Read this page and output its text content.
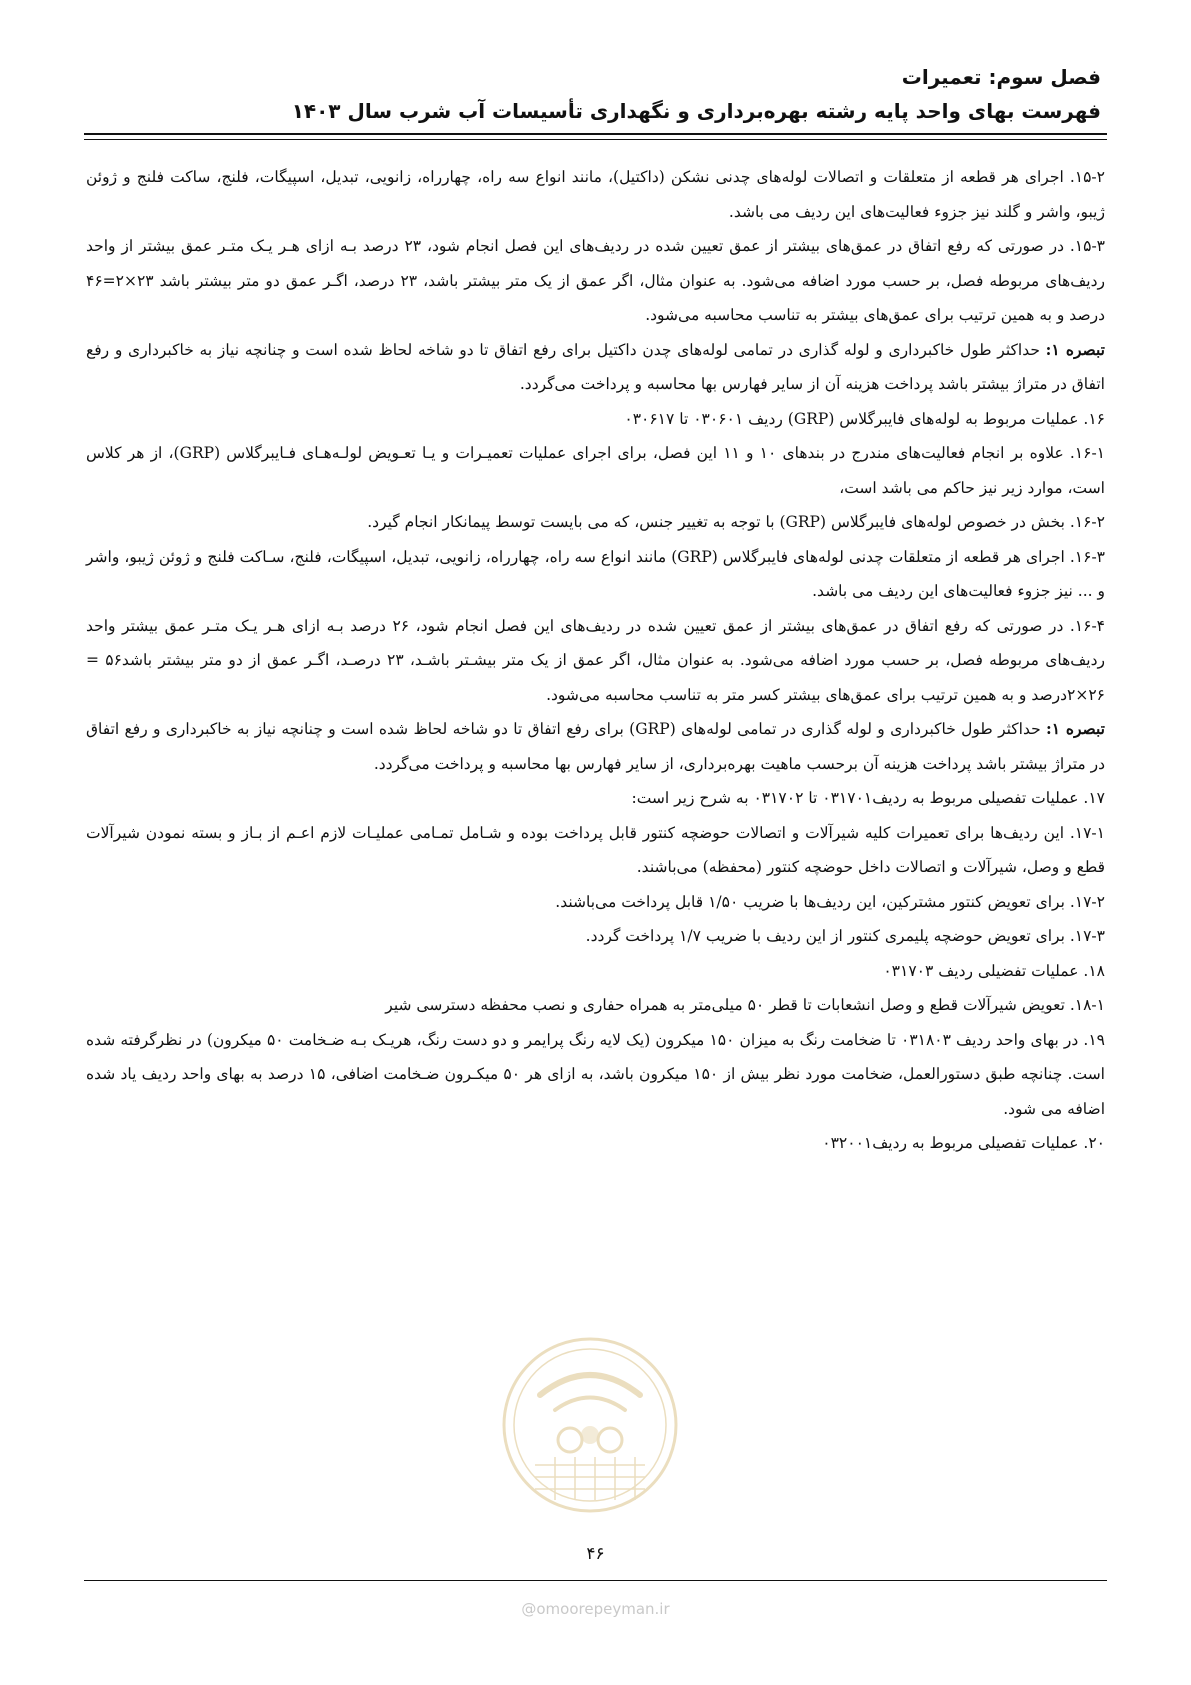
فصل سوم: تعمیرات
فهرست بهای واحد پایه رشته بهره‌برداری و نگهداری تأسیسات آب شرب سال ۱۴۰۳

۱۵-۲. اجرای هر قطعه از متعلقات و اتصالات لوله‌های چدنی نشکن (داکتیل)، مانند انواع سه راه، چهارراه، زانویی، تبدیل، اسپیگات، فلنج، ساکت فلنج و ژوئن ژیبو، واشر و گلند نیز جزوء فعالیت‌های این ردیف می باشد.

۱۵-۳. در صورتی که رفع اتفاق در عمق‌های بیشتر از عمق تعیین شده در ردیف‌های این فصل انجام شود، ۲۳ درصد بـه ازای هـر یـک متـر عمق بیشتر از واحد ردیف‌های مربوطه فصل، بر حسب مورد اضافه می‌شود. به عنوان مثال، اگر عمق از یک متر بیشتر باشد، ۲۳ درصد، اگـر عمق دو متر بیشتر باشد ۲۳×۲=۴۶ درصد و به همین ترتیب برای عمق‌های بیشتر به تناسب محاسبه می‌شود.

تبصره ۱: حداکثر طول خاکبرداری و لوله گذاری در تمامی لوله‌های چدن داکتیل برای رفع اتفاق تا دو شاخه لحاظ شده است و چنانچه نیاز به خاکبرداری و رفع اتفاق در متراژ بیشتر باشد پرداخت هزینه آن از سایر فهارس بها محاسبه و پرداخت می‌گردد.

۱۶. عملیات مربوط به لوله‌های فایبرگلاس (GRP) ردیف ۰۳۰۶۰۱ تا ۰۳۰۶۱۷

۱۶-۱. علاوه بر انجام فعالیت‌های مندرج در بندهای ۱۰ و ۱۱ این فصل، برای اجرای عملیات تعمیـرات و یـا تعـویض لولـه‌هـای فـایبرگلاس (GRP)، از هر کلاس است، موارد زیر نیز حاکم می باشد است،

۱۶-۲. بخش در خصوص لوله‌های فایبرگلاس (GRP) با توجه به تغییر جنس، که می بایست توسط پیمانکار انجام گیرد.

۱۶-۳. اجرای هر قطعه از متعلقات چدنی لوله‌های فایبرگلاس (GRP) مانند انواع سه راه، چهارراه، زانویی، تبدیل، اسپیگات، فلنج، سـاکت فلنج و ژوئن ژیبو، واشر و ... نیز جزوء فعالیت‌های این ردیف می باشد.

۱۶-۴. در صورتی که رفع اتفاق در عمق‌های بیشتر از عمق تعیین شده در ردیف‌های این فصل انجام شود، ۲۶ درصد بـه ازای هـر یـک متـر عمق بیشتر واحد ردیف‌های مربوطه فصل، بر حسب مورد اضافه می‌شود. به عنوان مثال، اگر عمق از یک متر بیشـتر باشـد، ۲۳ درصـد، اگـر عمق از دو متر بیشتر باشد۵۶ = ۲۶×۲درصد و به همین ترتیب برای عمق‌های بیشتر کسر متر به تناسب محاسبه می‌شود.

تبصره ۱: حداکثر طول خاکبرداری و لوله گذاری در تمامی لوله‌های (GRP) برای رفع اتفاق تا دو شاخه لحاظ شده است و چنانچه نیاز به خاکبرداری و رفع اتفاق در متراژ بیشتر باشد پرداخت هزینه آن برحسب ماهیت بهره‌برداری، از سایر فهارس بها محاسبه و پرداخت می‌گردد.

۱۷. عملیات تفصیلی مربوط به ردیف۰۳۱۷۰۱ تا ۰۳۱۷۰۲ به شرح زیر است:

۱۷-۱. این ردیف‌ها برای تعمیرات کلیه شیرآلات و اتصالات حوضچه کنتور قابل پرداخت بوده و شـامل تمـامی عملیـات لازم اعـم از بـاز و بسته نمودن شیرآلات قطع و وصل، شیرآلات و اتصالات داخل حوضچه کنتور (محفظه) می‌باشند.

۱۷-۲. برای تعویض کنتور مشترکین، این ردیف‌ها با ضریب ۱/۵۰ قابل پرداخت می‌باشند.

۱۷-۳. برای تعویض حوضچه پلیمری کنتور از این ردیف با ضریب ۱/۷ پرداخت گردد.

۱۸. عملیات تفضیلی ردیف ۰۳۱۷۰۳

۱۸-۱. تعویض شیرآلات قطع و وصل انشعابات تا قطر ۵۰ میلی‌متر به همراه حفاری و نصب محفظه دسترسی شیر

۱۹. در بهای واحد ردیف ۰۳۱۸۰۳ تا ضخامت رنگ به میزان ۱۵۰ میکرون (یک لایه رنگ پرایمر و دو دست رنگ، هریـک بـه ضـخامت ۵۰ میکرون) در نظرگرفته شده است. چنانچه طبق دستورالعمل، ضخامت مورد نظر بیش از ۱۵۰ میکرون باشد، به ازای هر ۵۰ میکـرون ضـخامت اضافی، ۱۵ درصد به بهای واحد ردیف یاد شده اضافه می شود.

۲۰. عملیات تفصیلی مربوط به ردیف۰۳۲۰۰۱

۴۶
@omoorepeyman.ir
